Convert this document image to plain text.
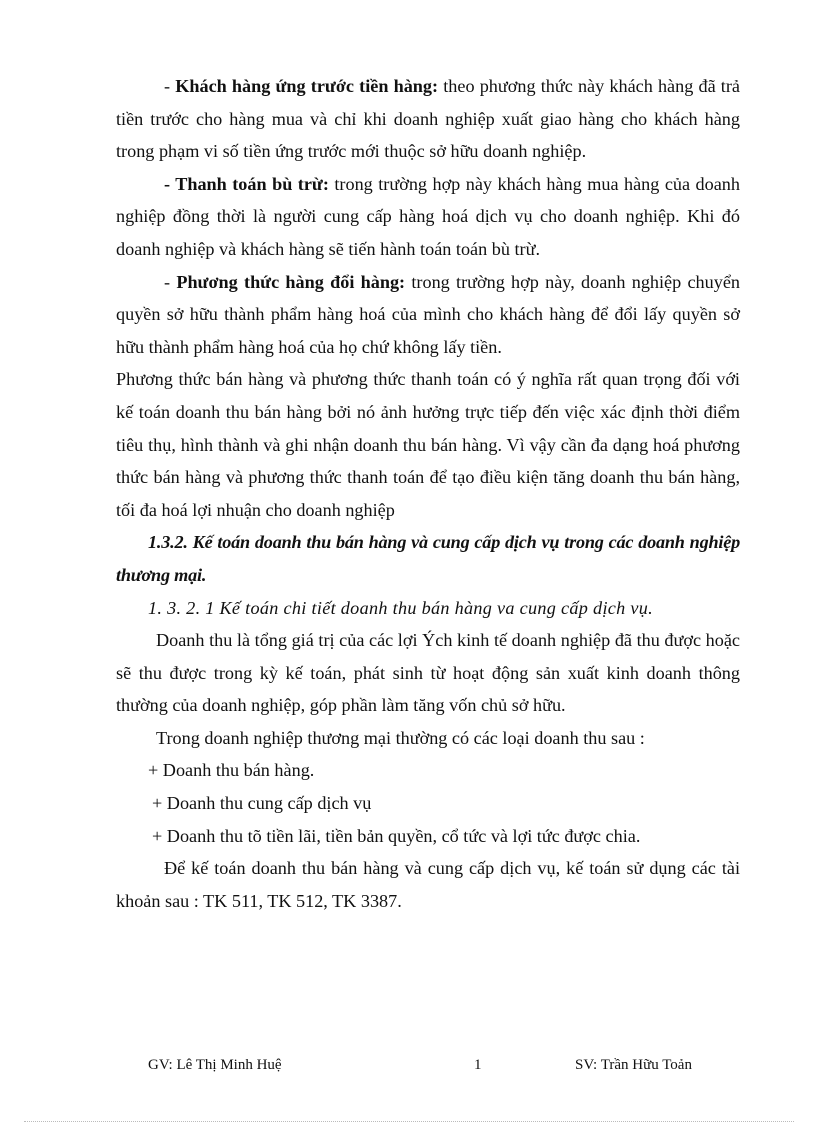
- Khách hàng ứng trước tiền hàng: theo phương thức này khách hàng đã trả tiền trước cho hàng mua và chỉ khi doanh nghiệp xuất giao hàng cho khách hàng trong phạm vi số tiền ứng trước mới thuộc sở hữu doanh nghiệp.

- Thanh toán bù trừ: trong trường hợp này khách hàng mua hàng của doanh nghiệp đồng thời là người cung cấp hàng hoá dịch vụ cho doanh nghiệp. Khi đó doanh nghiệp và khách hàng sẽ tiến hành toán toán bù trừ.

- Phương thức hàng đổi hàng: trong trường hợp này, doanh nghiệp chuyển quyền sở hữu thành phẩm hàng hoá của mình cho khách hàng để đổi lấy quyền sở hữu thành phẩm hàng hoá của họ chứ không lấy tiền.

Phương thức bán hàng và phương thức thanh toán có ý nghĩa rất quan trọng đối với kế toán doanh thu bán hàng bởi nó ảnh hưởng trực tiếp đến việc xác định thời điểm tiêu thụ, hình thành và ghi nhận doanh thu bán hàng. Vì vậy cần đa dạng hoá phương thức bán hàng và phương thức thanh toán để tạo điều kiện tăng doanh thu bán hàng, tối đa hoá lợi nhuận cho doanh nghiệp

1.3.2. Kế toán doanh thu bán hàng và cung cấp dịch vụ trong các doanh nghiệp thương mại.

1. 3. 2. 1 Kế toán chi tiết doanh thu bán hàng va cung cấp dịch vụ.

Doanh thu là tổng giá trị của các lợi Ých kinh tế doanh nghiệp đã thu được hoặc sẽ thu được trong kỳ kế toán, phát sinh từ hoạt động sản xuất kinh doanh thông thường của doanh nghiệp, góp phần làm tăng vốn chủ sở hữu.

Trong doanh nghiệp thương mại thường có các loại doanh thu sau :

+ Doanh thu bán hàng.

+ Doanh thu cung cấp dịch vụ

+ Doanh thu tõ tiền lãi, tiền bản quyền, cổ tức và lợi tức được chia.

Để kế toán doanh thu bán hàng và cung cấp dịch vụ, kế toán sử dụng các tài khoản sau : TK 511, TK 512, TK 3387.

GV: Lê Thị Minh Huệ	1	SV: Trần Hữu Toản
